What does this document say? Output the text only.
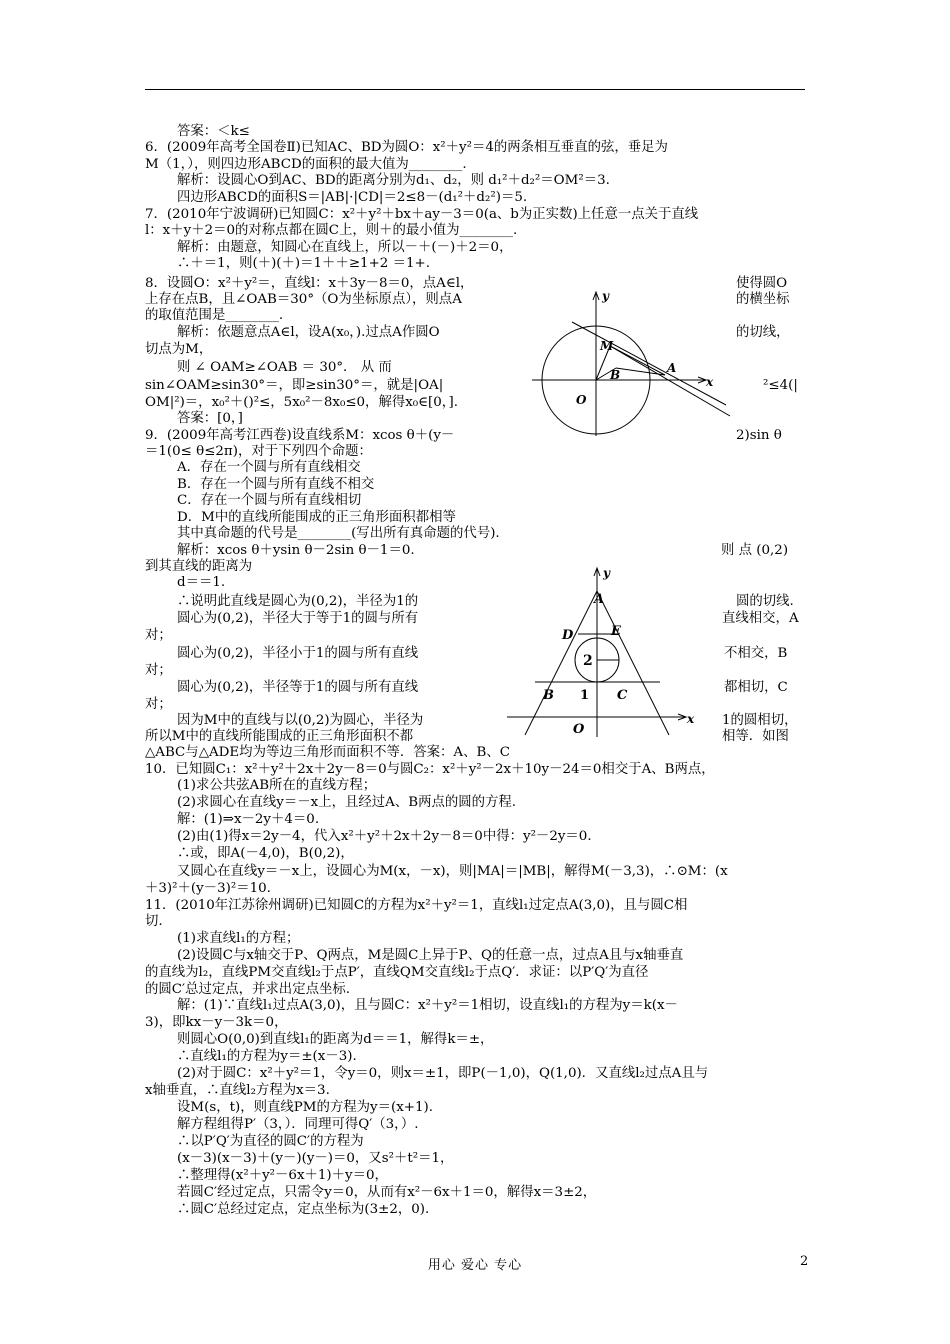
答案：＜k≤
6．(2009年高考全国卷Ⅱ)已知AC、BD为圆O：x²＋y²＝4的两条相互垂直的弦，垂足为
M（1，），则四边形ABCD的面积的最大值为________.
解析：设圆心O到AC、BD的距离分别为d₁、d₂，则 d₁²＋d₂²＝OM²＝3.
四边形ABCD的面积S＝|AB|·|CD|＝2≤8－(d₁²＋d₂²)＝5.
7．(2010年宁波调研)已知圆C：x²＋y²＋bx＋ay－3＝0(a、b为正实数)上任意一点关于直线
l：x＋y＋2＝0的对称点都在圆C上，则＋的最小值为________.
解析：由题意，知圆心在直线上，所以－＋(－)＋2＝0，
∴＋＝1，则(＋)(＋)＝1＋＋≥1+2 ＝1+.
8．设圆O：x²＋y²＝，直线l：x＋3y－8＝0，点A∈l，	使得圆O
上存在点B，且∠OAB＝30°（O为坐标原点），则点A	的横坐标
的取值范围是________.
解析：依题意点A∈l，设A(x₀，).过点A作圆O	的切线，
切点为M，
则 ∠ OAM≥∠OAB ＝ 30°． 从 而
sin∠OAM≥sin30°＝，即≥sin30°＝，就是|OA|	²≤4(|
OM|²)＝，x₀²＋()²≤，5x₀²－8x₀≤0，解得x₀∈[0，].
答案：[0，]
9．(2009年高考江西卷)设直线系M：xcos θ＋(y－	2)sin θ
＝1(0≤ θ≤2π)，对于下列四个命题：
A．存在一个圆与所有直线相交
B．存在一个圆与所有直线不相交
C．存在一个圆与所有直线相切
D．M中的直线所能围成的正三角形面积都相等
其中真命题的代号是________(写出所有真命题的代号).
解析：xcos θ＋ysin θ－2sin θ－1＝0.	则 点 (0,2)
到其直线的距离为
d＝＝1.
∴说明此直线是圆心为(0,2)，半径为1的	圆的切线.
圆心为(0,2)，半径大于等于1的圆与所有	直线相交，A
对；
圆心为(0,2)，半径小于1的圆与所有直线	不相交，B
对；
圆心为(0,2)，半径等于1的圆与所有直线	都相切，C
对；
因为M中的直线与以(0,2)为圆心，半径为	1的圆相切，
所以M中的直线所能围成的正三角形面积不都	相等．如图
△ABC与△ADE均为等边三角形而面积不等．答案：A、B、C
10．已知圆C₁：x²＋y²＋2x＋2y－8＝0与圆C₂：x²＋y²－2x＋10y－24＝0相交于A、B两点，
(1)求公共弦AB所在的直线方程；
(2)求圆心在直线y＝－x上，且经过A、B两点的圆的方程.
解：(1)⇒x－2y＋4＝0.
(2)由(1)得x＝2y－4，代入x²＋y²＋2x＋2y－8＝0中得：y²－2y＝0.
∴或，即A(－4,0)，B(0,2)，
又圆心在直线y＝－x上，设圆心为M(x，－x)，则|MA|＝|MB|，解得M(－3,3)，∴⊙M：(x
＋3)²＋(y－3)²＝10.
11．(2010年江苏徐州调研)已知圆C的方程为x²＋y²＝1，直线l₁过定点A(3,0)，且与圆C相
切.
(1)求直线l₁的方程；
(2)设圆C与x轴交于P、Q两点，M是圆C上异于P、Q的任意一点，过点A且与x轴垂直
的直线为l₂，直线PM交直线l₂于点P′，直线QM交直线l₂于点Q′．求证：以P′Q′为直径
的圆C′总过定点，并求出定点坐标.
解：(1)∵直线l₁过点A(3,0)，且与圆C：x²＋y²＝1相切，设直线l₁的方程为y＝k(x－
3)，即kx－y－3k＝0，
则圆心O(0,0)到直线l₁的距离为d＝＝1，解得k＝±，
∴直线l₁的方程为y＝±(x－3).
(2)对于圆C：x²＋y²＝1，令y＝0，则x＝±1，即P(－1,0)，Q(1,0)．又直线l₂过点A且与
x轴垂直，∴直线l₂方程为x＝3.
设M(s，t)，则直线PM的方程为y＝(x+1).
解方程组得P′（3，）．同理可得Q′（3，）.
∴以P′Q′为直径的圆C′的方程为
(x－3)(x－3)＋(y－)(y－)＝0，又s²＋t²＝1，
∴整理得(x²＋y²－6x＋1)＋y＝0，
若圆C′经过定点，只需令y＝0，从而有x²－6x＋1＝0，解得x＝3±2，
∴圆C′总经过定点，定点坐标为(3±2，0).
y
x
M
B	A
O
y
x
A
D	E
2
B 1 C
O
用心 爱心 专心	2
